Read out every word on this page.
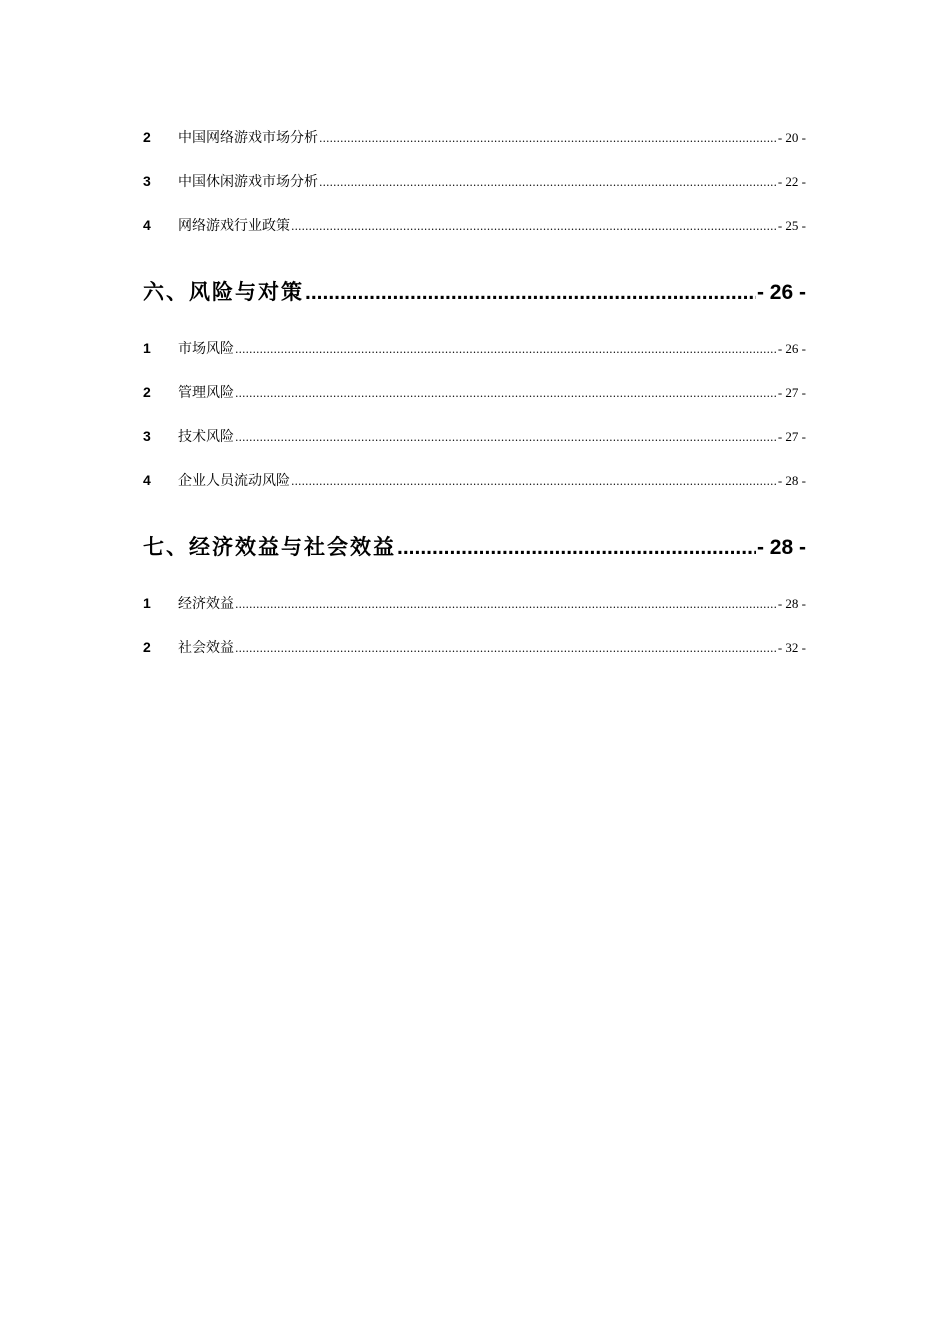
2	中国网络游戏市场分析 .....	- 20 -
3	中国休闲游戏市场分析 .....	- 22 -
4	网络游戏行业政策 .....	- 25 -
六、风险与对策 .....	- 26 -
1	市场风险 .....	- 26 -
2	管理风险 .....	- 27 -
3	技术风险 .....	- 27 -
4	企业人员流动风险 .....	- 28 -
七、经济效益与社会效益 .....	- 28 -
1	经济效益 .....	- 28 -
2	社会效益 .....	- 32 -
